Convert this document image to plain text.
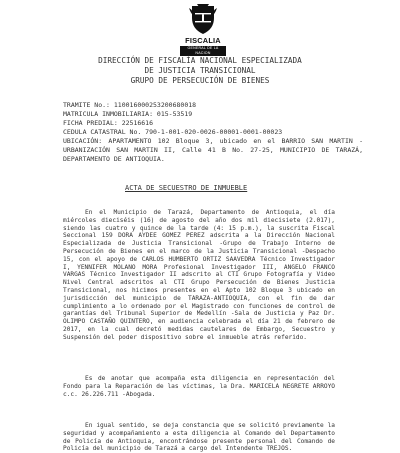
FISCALIA
GENERAL DE LA NACION
DIRECCIÓN DE FISCALÍA NACIONAL ESPECIALIZADA
DE JUSTICIA TRANSICIONAL
GRUPO DE PERSECUCIÓN DE BIENES
TRAMITE No.: 110016000253200680018
MATRICULA INMOBILIARIA: 015-53519
FICHA PREDIAL: 22516616
CEDULA CATASTRAL No. 790-1-001-020-0026-00001-0001-00023
UBICACIÓN: APARTAMENTO 102 Bloque 3, ubicado en el BARRIO SAN MARTIN -URBANIZACIÓN SAN MARTIN II, Calle 41 B No. 27-25, MUNICIPIO DE TARAZÁ, DEPARTAMENTO DE ANTIOQUIA.
ACTA DE SECUESTRO DE INMUEBLE
En el Municipio de Tarazá, Departamento de Antioquia, el día miércoles dieciséis (16) de agosto del año dos mil diecisiete (2.017), siendo las cuatro y quince de la tarde (4: 15 p.m.), la suscrita Fiscal Seccional 159 DORA AYDEE GOMEZ PEREZ adscrita a la Dirección Nacional Especializada de Justicia Transicional -Grupo de Trabajo Interno de Persecución de Bienes en el marco de la Justicia Transicional -Despacho 15, con el apoyo de CARLOS HUMBERTO ORTIZ SAAVEDRA Técnico Investigador I, YENNIFER MOLANO MORA Profesional Investigador III, ANGELO FRANCO VARGAS Técnico Investigador II adscrito al CTI Grupo Fotografía y Video Nivel Central adscritos al CTI Grupo Persecución de Bienes Justicia Transicional, nos hicimos presentes en el Apto 102 Bloque 3 ubicado en jurisdicción del municipio de TARAZA-ANTIOQUIA, con el fin de dar cumplimiento a lo ordenado por el Magistrado con funciones de control de garantías del Tribunal Superior de Medellín -Sala de Justicia y Paz Dr. OLIMPO CASTAÑO QUINTERO, en audiencia celebrada el día 21 de febrero de 2017, en la cual decretó medidas cautelares de Embargo, Secuestro y Suspensión del poder dispositivo sobre el inmueble atrás referido.
Es de anotar que acompaña esta diligencia en representación del Fondo para la Reparación de las víctimas, la Dra. MARICELA NEGRETE ARROYO c.c. 26.226.711 -Abogada.
En igual sentido, se deja constancia que se solicitó previamente la seguridad y acompañamiento a esta diligencia al Comando del Departamento de Policía de Antioquia, encontrándose presente personal del Comando de Policía del municipio de Tarazá a cargo del Intendente TREJOS.
